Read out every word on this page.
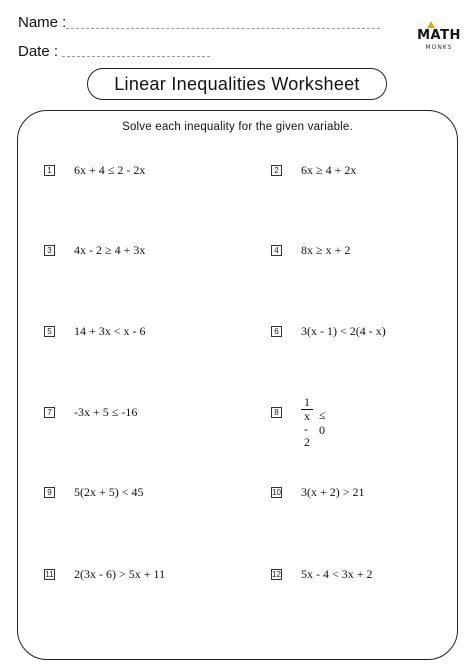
Name :
Date :
MATH
MONKS
Linear Inequalities Worksheet
Solve each inequality for the given variable.
1 6x + 4 ≤ 2 - 2x	2 6x ≥ 4 + 2x
3 4x - 2 ≥ 4 + 3x	4 8x ≥ x + 2
5 14 + 3x < x - 6	6 3(x - 1) < 2(4 - x)
7 -3x + 5 ≤ -16	$8 \frac{1}{x - 2} \le 0$
9 5(2x + 5) < 45	10 3(x + 2) > 21
11 2(3x - 6) > 5x + 11	12 5x - 4 < 3x + 2
